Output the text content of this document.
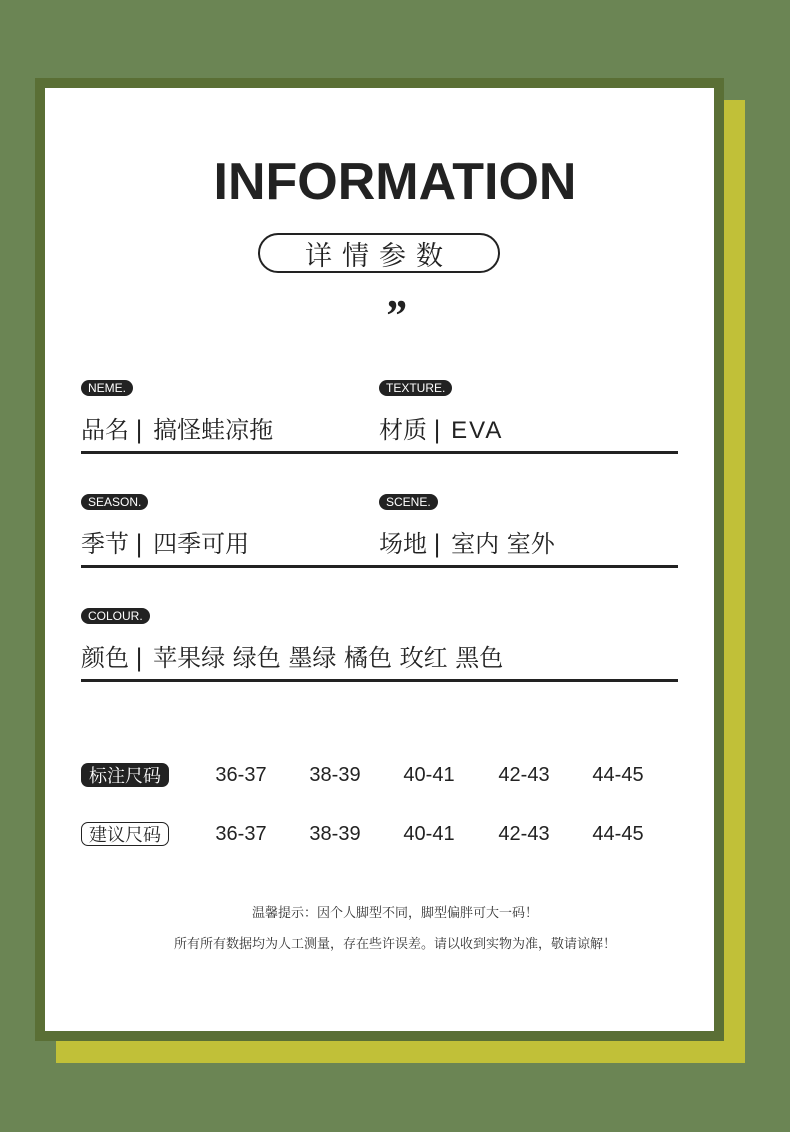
INFORMATION
详情参数
”
NEME.
品名 | 搞怪蛙凉拖
TEXTURE.
材质 | EVA
SEASON.
季节 | 四季可用
SCENE.
场地 | 室内 室外
COLOUR.
颜色 | 苹果绿 绿色 墨绿 橘色 玫红 黑色
标注尺码	36-37	38-39	40-41	42-43	44-45
建议尺码	36-37	38-39	40-41	42-43	44-45
温馨提示：因个人脚型不同，脚型偏胖可大一码！
所有所有数据均为人工测量，存在些许误差。请以收到实物为准，敬请谅解！
